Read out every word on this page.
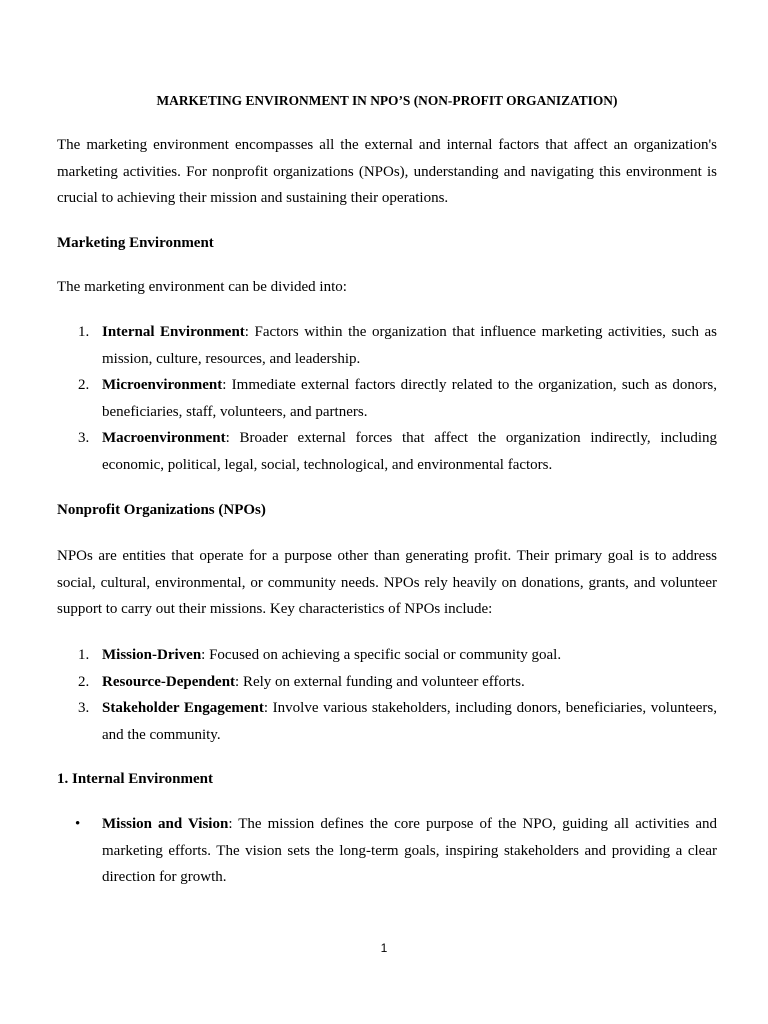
MARKETING ENVIRONMENT IN NPO’S (NON-PROFIT ORGANIZATION)

The marketing environment encompasses all the external and internal factors that affect an organization's marketing activities. For nonprofit organizations (NPOs), understanding and navigating this environment is crucial to achieving their mission and sustaining their operations.

Marketing Environment

The marketing environment can be divided into:

1. Internal Environment: Factors within the organization that influence marketing activities, such as mission, culture, resources, and leadership.
2. Microenvironment: Immediate external factors directly related to the organization, such as donors, beneficiaries, staff, volunteers, and partners.
3. Macroenvironment: Broader external forces that affect the organization indirectly, including economic, political, legal, social, technological, and environmental factors.

Nonprofit Organizations (NPOs)

NPOs are entities that operate for a purpose other than generating profit. Their primary goal is to address social, cultural, environmental, or community needs. NPOs rely heavily on donations, grants, and volunteer support to carry out their missions. Key characteristics of NPOs include:

1. Mission-Driven: Focused on achieving a specific social or community goal.
2. Resource-Dependent: Rely on external funding and volunteer efforts.
3. Stakeholder Engagement: Involve various stakeholders, including donors, beneficiaries, volunteers, and the community.

1. Internal Environment

• Mission and Vision: The mission defines the core purpose of the NPO, guiding all activities and marketing efforts. The vision sets the long-term goals, inspiring stakeholders and providing a clear direction for growth.
1
